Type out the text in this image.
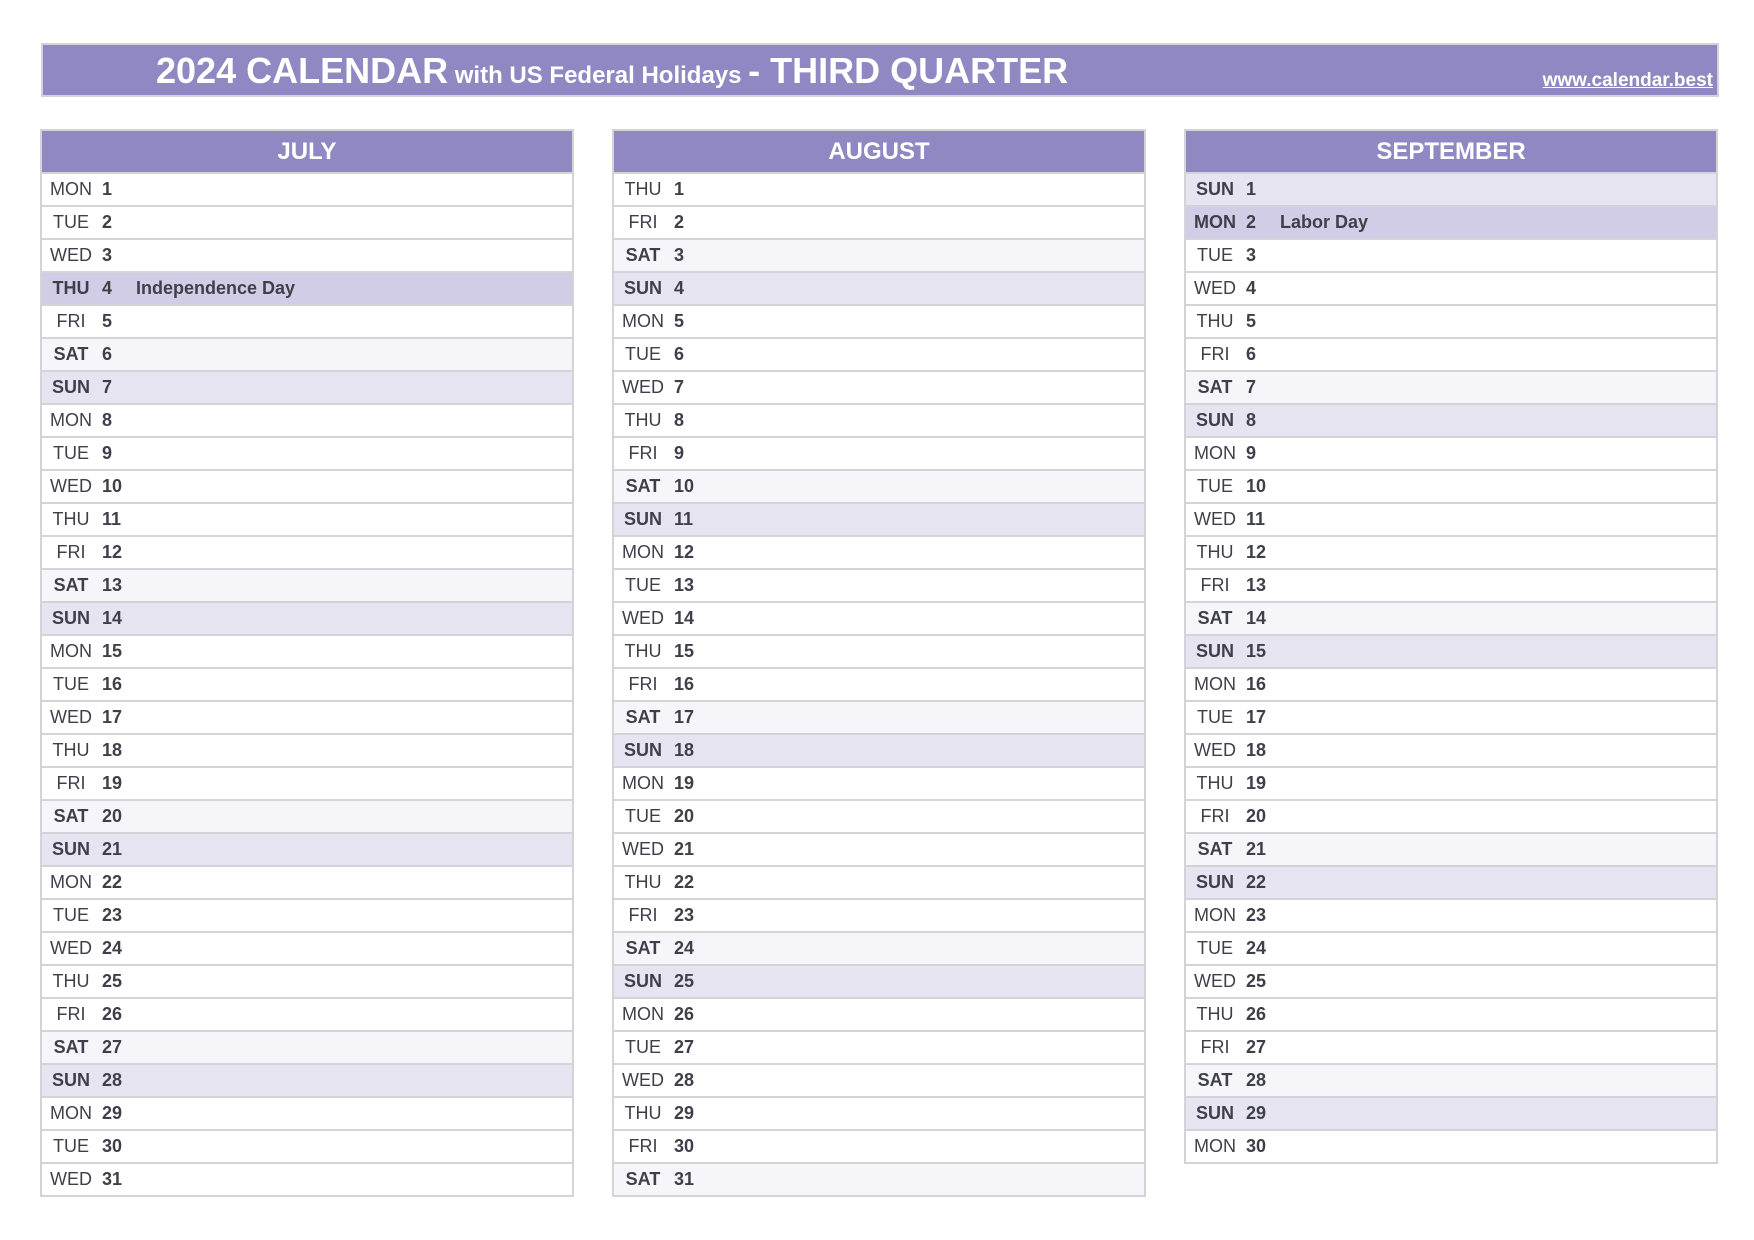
2024 CALENDAR with US Federal Holidays - THIRD QUARTER	www.calendar.best
JULY
MON 1
TUE 2
WED 3
THU 4	Independence Day
FRI 5
SAT 6
SUN 7
MON 8
TUE 9
WED 10
THU 11
FRI 12
SAT 13
SUN 14
MON 15
TUE 16
WED 17
THU 18
FRI 19
SAT 20
SUN 21
MON 22
TUE 23
WED 24
THU 25
FRI 26
SAT 27
SUN 28
MON 29
TUE 30
WED 31
AUGUST
THU 1
FRI 2
SAT 3
SUN 4
MON 5
TUE 6
WED 7
THU 8
FRI 9
SAT 10
SUN 11
MON 12
TUE 13
WED 14
THU 15
FRI 16
SAT 17
SUN 18
MON 19
TUE 20
WED 21
THU 22
FRI 23
SAT 24
SUN 25
MON 26
TUE 27
WED 28
THU 29
FRI 30
SAT 31
SEPTEMBER
SUN 1
MON 2	Labor Day
TUE 3
WED 4
THU 5
FRI 6
SAT 7
SUN 8
MON 9
TUE 10
WED 11
THU 12
FRI 13
SAT 14
SUN 15
MON 16
TUE 17
WED 18
THU 19
FRI 20
SAT 21
SUN 22
MON 23
TUE 24
WED 25
THU 26
FRI 27
SAT 28
SUN 29
MON 30
